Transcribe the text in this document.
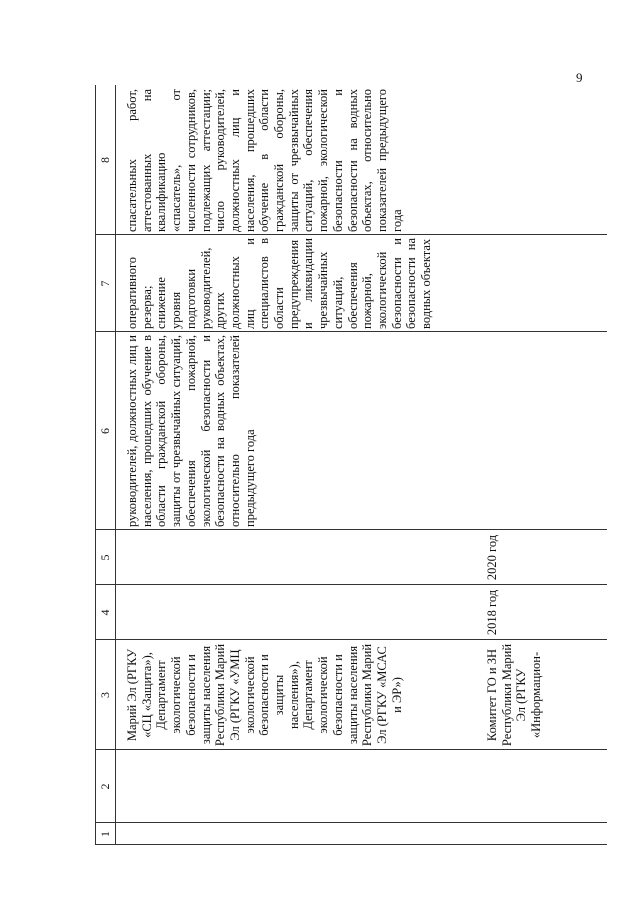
9
1
2
3
4
5
6
7
8
Марий Эл (РГКУ «СЦ «Защита»), Департамент экологической безопасности и защиты населения Республики Марий Эл (РГКУ «УМЦ экологической безопасности и защиты населения»), Департамент экологической безопасности и защиты населения Республики Марий Эл (РГКУ «МСАС и ЭР»)
руководителей, должностных лиц и населения, прошедших обучение в области гражданской обороны, защиты от чрезвычайных ситуаций, обеспечения пожарной, экологической безопасности и безопасности на водных объектах, относительно показателей предыдущего года
оперативного резерва; снижение уровня подготовки руководителей, других должностных лиц и специалистов в области предупреждения и ликвидации чрезвычайных ситуаций, обеспечения пожарной, экологической безопасности и безопасности на водных объектах
спасательных работ, аттестованных на квалификацию «спасатель», от численности сотрудников, подлежащих аттестации; число руководителей, должностных лиц и населения, прошедших обучение в области гражданской обороны, защиты от чрезвычайных ситуаций, обеспечения пожарной, экологической безопасности и безопасности на водных объектах, относительно показателей предыдущего года
Комитет ГО и ЗН Республики Марий Эл (РГКУ «Информацион-
2018 год
2020 год
